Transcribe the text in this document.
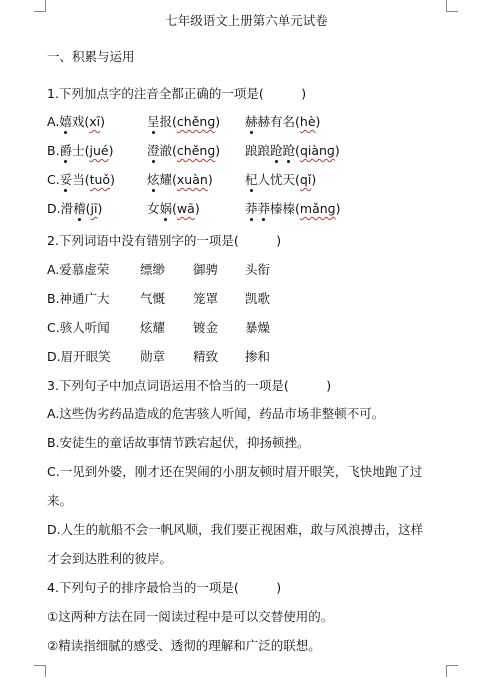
七年级语文上册第六单元试卷
一、积累与运用
1.下列加点字的注音全都正确的一项是(　　　)
A.嬉戏(xī)	呈报(chěnɡ) 赫赫有名(hè)
B.爵士(jué)	澄澈(chěnɡ) 踉踉跄跄(qiànɡ)
C.妥当(tuǒ)	炫耀(xuàn)	杞人忧天(qǐ)
D.滑稽(jī)	女娲(wā)	莽莽榛榛(mǎnɡ)
2.下列词语中没有错别字的一项是(　　　)
A.爱慕虚荣 缥缈 御骋 头衔
B.神通广大 气慨 笼罩 凯歌
C.骇人听闻 炫耀 镀金 暴燥
D.眉开眼笑 勋章 精致 掺和
3.下列句子中加点词语运用不恰当的一项是(　　　)
A.这些伪劣药品造成的危害骇人听闻，药品市场非整顿不可。
B.安徒生的童话故事情节跌宕起伏，抑扬顿挫。
C.一见到外婆，刚才还在哭闹的小朋友顿时眉开眼笑，飞快地跑了过
来。
D.人生的航船不会一帆风顺，我们要正视困难，敢与风浪搏击，这样
才会到达胜利的彼岸。
4.下列句子的排序最恰当的一项是(　　　)
①这两种方法在同一阅读过程中是可以交替使用的。
②精读指细腻的感受、透彻的理解和广泛的联想。
